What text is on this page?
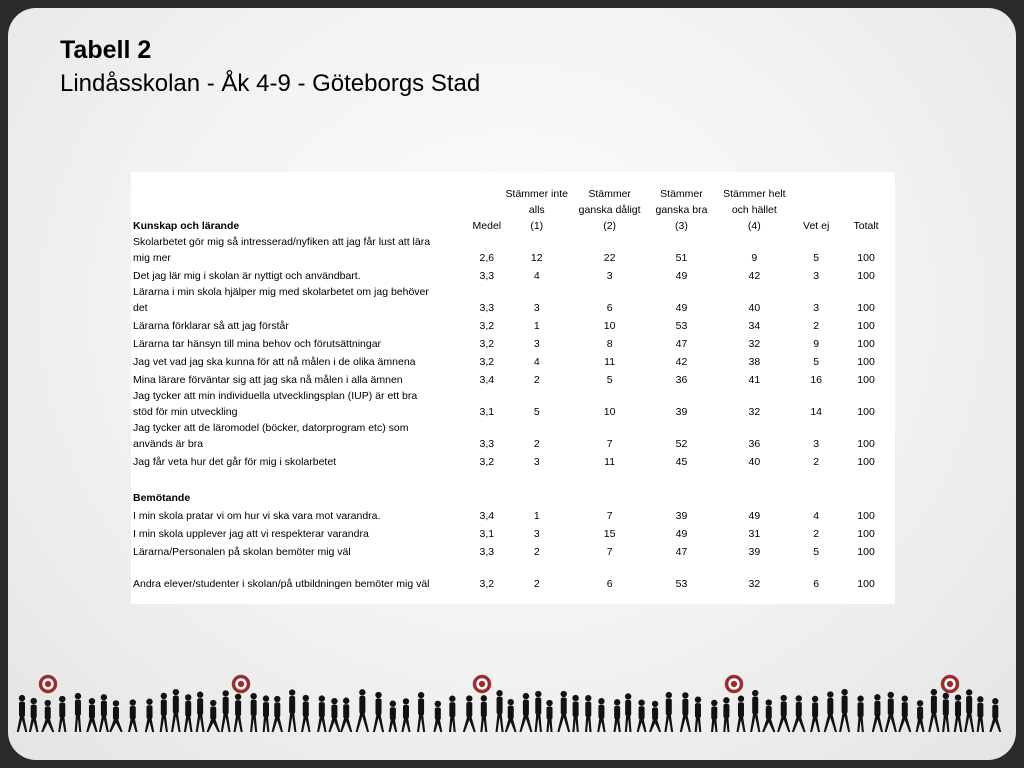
Tabell 2
Lindåsskolan - Åk 4-9 - Göteborgs Stad
		Stämmer inte	Stämmer	Stämmer	Stämmer helt		
		alls	ganska dåligt	ganska bra	och hället		
Kunskap och lärande	Medel	(1)	(2)	(3)	(4)	Vet ej	Totalt

Skolarbetet gör mig så intresserad/nyfiken att jag får lust att lära
mig mer	2,6	12	22	51	9	5	100

Det jag lär mig i skolan är nyttigt och användbart.	3,3	4	3	49	42	3	100

Lärarna i min skola hjälper mig med skolarbetet om jag behöver
det	3,3	3	6	49	40	3	100

Lärarna förklarar så att jag förstår	3,2	1	10	53	34	2	100

Lärarna tar hänsyn till mina behov och förutsättningar	3,2	3	8	47	32	9	100

Jag vet vad jag ska kunna för att nå målen i de olika ämnena	3,2	4	11	42	38	5	100

Mina lärare förväntar sig att jag ska nå målen i alla ämnen	3,4	2	5	36	41	16	100

Jag tycker att min individuella utvecklingsplan (IUP) är ett bra
stöd för min utveckling	3,1	5	10	39	32	14	100

Jag tycker att de läromodel (böcker, datorprogram etc) som
används är bra	3,3	2	7	52	36	3	100

Jag får veta hur det går för mig i skolarbetet	3,2	3	11	45	40	2	100

Bemötande							

I min skola pratar vi om hur vi ska vara mot varandra.	3,4	1	7	39	49	4	100

I min skola upplever jag att vi respekterar varandra	3,1	3	15	49	31	2	100

Lärarna/Personalen på skolan bemöter mig väl	3,3	2	7	47	39	5	100

Andra elever/studenter i skolan/på utbildningen bemöter mig väl	3,2	2	6	53	32	6	100
